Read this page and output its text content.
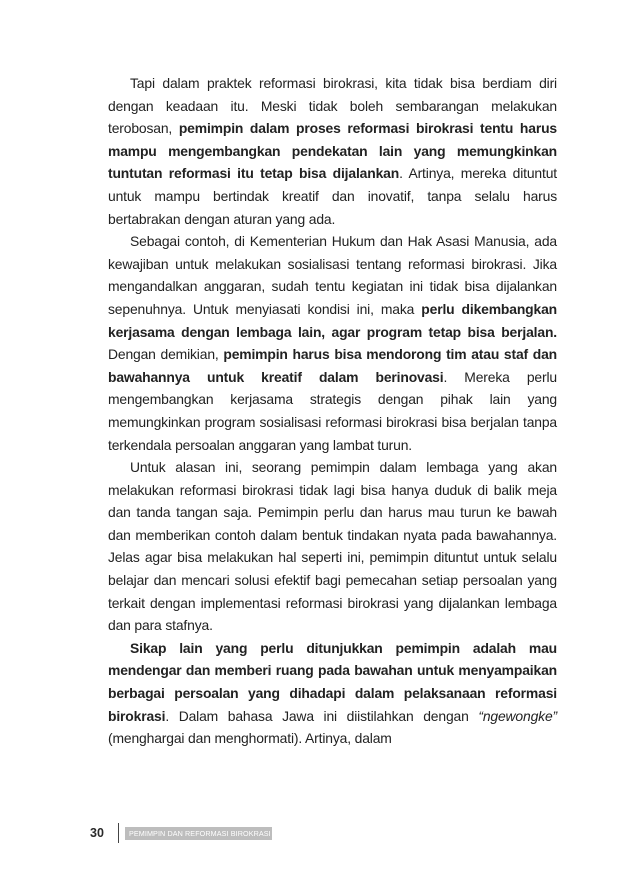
Tapi dalam praktek reformasi birokrasi, kita tidak bisa berdiam diri dengan keadaan itu. Meski tidak boleh sembarangan melakukan terobosan, pemimpin dalam proses reformasi birokrasi tentu harus mampu mengembangkan pendekatan lain yang memungkinkan tuntutan reformasi itu tetap bisa dijalankan. Artinya, mereka dituntut untuk mampu bertindak kreatif dan inovatif, tanpa selalu harus bertabrakan dengan aturan yang ada.

Sebagai contoh, di Kementerian Hukum dan Hak Asasi Manusia, ada kewajiban untuk melakukan sosialisasi tentang reformasi birokrasi. Jika mengandalkan anggaran, sudah tentu kegiatan ini tidak bisa dijalankan sepenuhnya. Untuk menyiasati kondisi ini, maka perlu dikembangkan kerjasama dengan lembaga lain, agar program tetap bisa berjalan. Dengan demikian, pemimpin harus bisa mendorong tim atau staf dan bawahannya untuk kreatif dalam berinovasi. Mereka perlu mengembangkan kerjasama strategis dengan pihak lain yang memungkinkan program sosialisasi reformasi birokrasi bisa berjalan tanpa terkendala persoalan anggaran yang lambat turun.

Untuk alasan ini, seorang pemimpin dalam lembaga yang akan melakukan reformasi birokrasi tidak lagi bisa hanya duduk di balik meja dan tanda tangan saja. Pemimpin perlu dan harus mau turun ke bawah dan memberikan contoh dalam bentuk tindakan nyata pada bawahannya. Jelas agar bisa melakukan hal seperti ini, pemimpin dituntut untuk selalu belajar dan mencari solusi efektif bagi pemecahan setiap persoalan yang terkait dengan implementasi reformasi birokrasi yang dijalankan lembaga dan para stafnya.

Sikap lain yang perlu ditunjukkan pemimpin adalah mau mendengar dan memberi ruang pada bawahan untuk menyampaikan berbagai persoalan yang dihadapi dalam pelaksanaan reformasi birokrasi. Dalam bahasa Jawa ini diistilahkan dengan “ngewongke” (menghargai dan menghormati). Artinya, dalam

30	PEMIMPIN DAN REFORMASI BIROKRASI
